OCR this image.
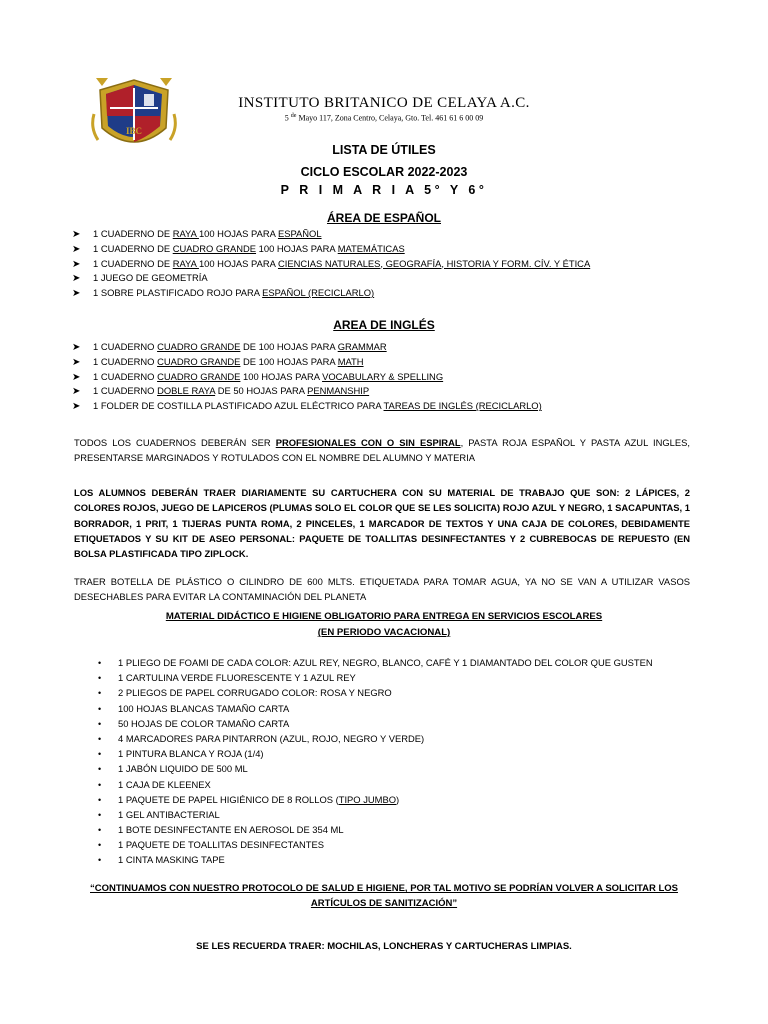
IBC
INSTITUTO BRITANICO DE CELAYA A.C.
5 $^{de}$ Mayo 117, Zona Centro, Celaya, Gto. Tel. 461 61 6 00 09
LISTA DE ÚTILES
CICLO ESCOLAR 2022-2023
P R I M A R I A 5° Y 6°
ÁREA DE ESPAÑOL
➤ 1 CUADERNO DE RAYA 100 HOJAS PARA ESPAÑOL
➤ 1 CUADERNO DE CUADRO GRANDE 100 HOJAS PARA MATEMÁTICAS
➤ 1 CUADERNO DE RAYA 100 HOJAS PARA CIENCIAS NATURALES, GEOGRAFÍA, HISTORIA Y FORM. CÍV. Y ÉTICA
➤ 1 JUEGO DE GEOMETRÍA
➤ 1 SOBRE PLASTIFICADO ROJO PARA ESPAÑOL (RECICLARLO)
AREA DE INGLÉS
➤ 1 CUADERNO CUADRO GRANDE DE 100 HOJAS PARA GRAMMAR
➤ 1 CUADERNO CUADRO GRANDE DE 100 HOJAS PARA MATH
➤ 1 CUADERNO CUADRO GRANDE 100 HOJAS PARA VOCABULARY & SPELLING
➤ 1 CUADERNO DOBLE RAYA DE 50 HOJAS PARA PENMANSHIP
➤ 1 FOLDER DE COSTILLA PLASTIFICADO AZUL ELÉCTRICO PARA TAREAS DE INGLÉS (RECICLARLO)
TODOS LOS CUADERNOS DEBERÁN SER PROFESIONALES CON O SIN ESPIRAL, PASTA ROJA ESPAÑOL Y PASTA AZUL INGLES, PRESENTARSE MARGINADOS Y ROTULADOS CON EL NOMBRE DEL ALUMNO Y MATERIA
LOS ALUMNOS DEBERÁN TRAER DIARIAMENTE SU CARTUCHERA CON SU MATERIAL DE TRABAJO QUE SON: 2 LÁPICES, 2 COLORES ROJOS, JUEGO DE LAPICEROS (PLUMAS SOLO EL COLOR QUE SE LES SOLICITA) ROJO AZUL Y NEGRO, 1 SACAPUNTAS, 1 BORRADOR, 1 PRIT, 1 TIJERAS PUNTA ROMA, 2 PINCELES, 1 MARCADOR DE TEXTOS Y UNA CAJA DE COLORES, DEBIDAMENTE ETIQUETADOS Y SU KIT DE ASEO PERSONAL: PAQUETE DE TOALLITAS DESINFECTANTES Y 2 CUBREBOCAS DE REPUESTO (EN BOLSA PLASTIFICADA TIPO ZIPLOCK.
TRAER BOTELLA DE PLÁSTICO O CILINDRO DE 600 MLTS. ETIQUETADA PARA TOMAR AGUA, YA NO SE VAN A UTILIZAR VASOS DESECHABLES PARA EVITAR LA CONTAMINACIÓN DEL PLANETA
MATERIAL DIDÁCTICO E HIGIENE OBLIGATORIO PARA ENTREGA EN SERVICIOS ESCOLARES
(EN PERIODO VACACIONAL)
• 1 PLIEGO DE FOAMI DE CADA COLOR: AZUL REY, NEGRO, BLANCO, CAFÉ Y 1 DIAMANTADO DEL COLOR QUE GUSTEN
• 1 CARTULINA VERDE FLUORESCENTE Y 1 AZUL REY
• 2 PLIEGOS DE PAPEL CORRUGADO COLOR: ROSA Y NEGRO
• 100 HOJAS BLANCAS TAMAÑO CARTA
• 50 HOJAS DE COLOR TAMAÑO CARTA
• 4 MARCADORES PARA PINTARRON (AZUL, ROJO, NEGRO Y VERDE)
• 1 PINTURA BLANCA Y ROJA (1/4)
• 1 JABÓN LIQUIDO DE 500 ML
• 1 CAJA DE KLEENEX
• 1 PAQUETE DE PAPEL HIGIÉNICO DE 8 ROLLOS (TIPO JUMBO)
• 1 GEL ANTIBACTERIAL
• 1 BOTE DESINFECTANTE EN AEROSOL DE 354 ML
• 1 PAQUETE DE TOALLITAS DESINFECTANTES
• 1 CINTA MASKING TAPE
“CONTINUAMOS CON NUESTRO PROTOCOLO DE SALUD E HIGIENE, POR TAL MOTIVO SE PODRÍAN VOLVER A SOLICITAR LOS
ARTÍCULOS DE SANITIZACIÓN”
SE LES RECUERDA TRAER: MOCHILAS, LONCHERAS Y CARTUCHERAS LIMPIAS.
